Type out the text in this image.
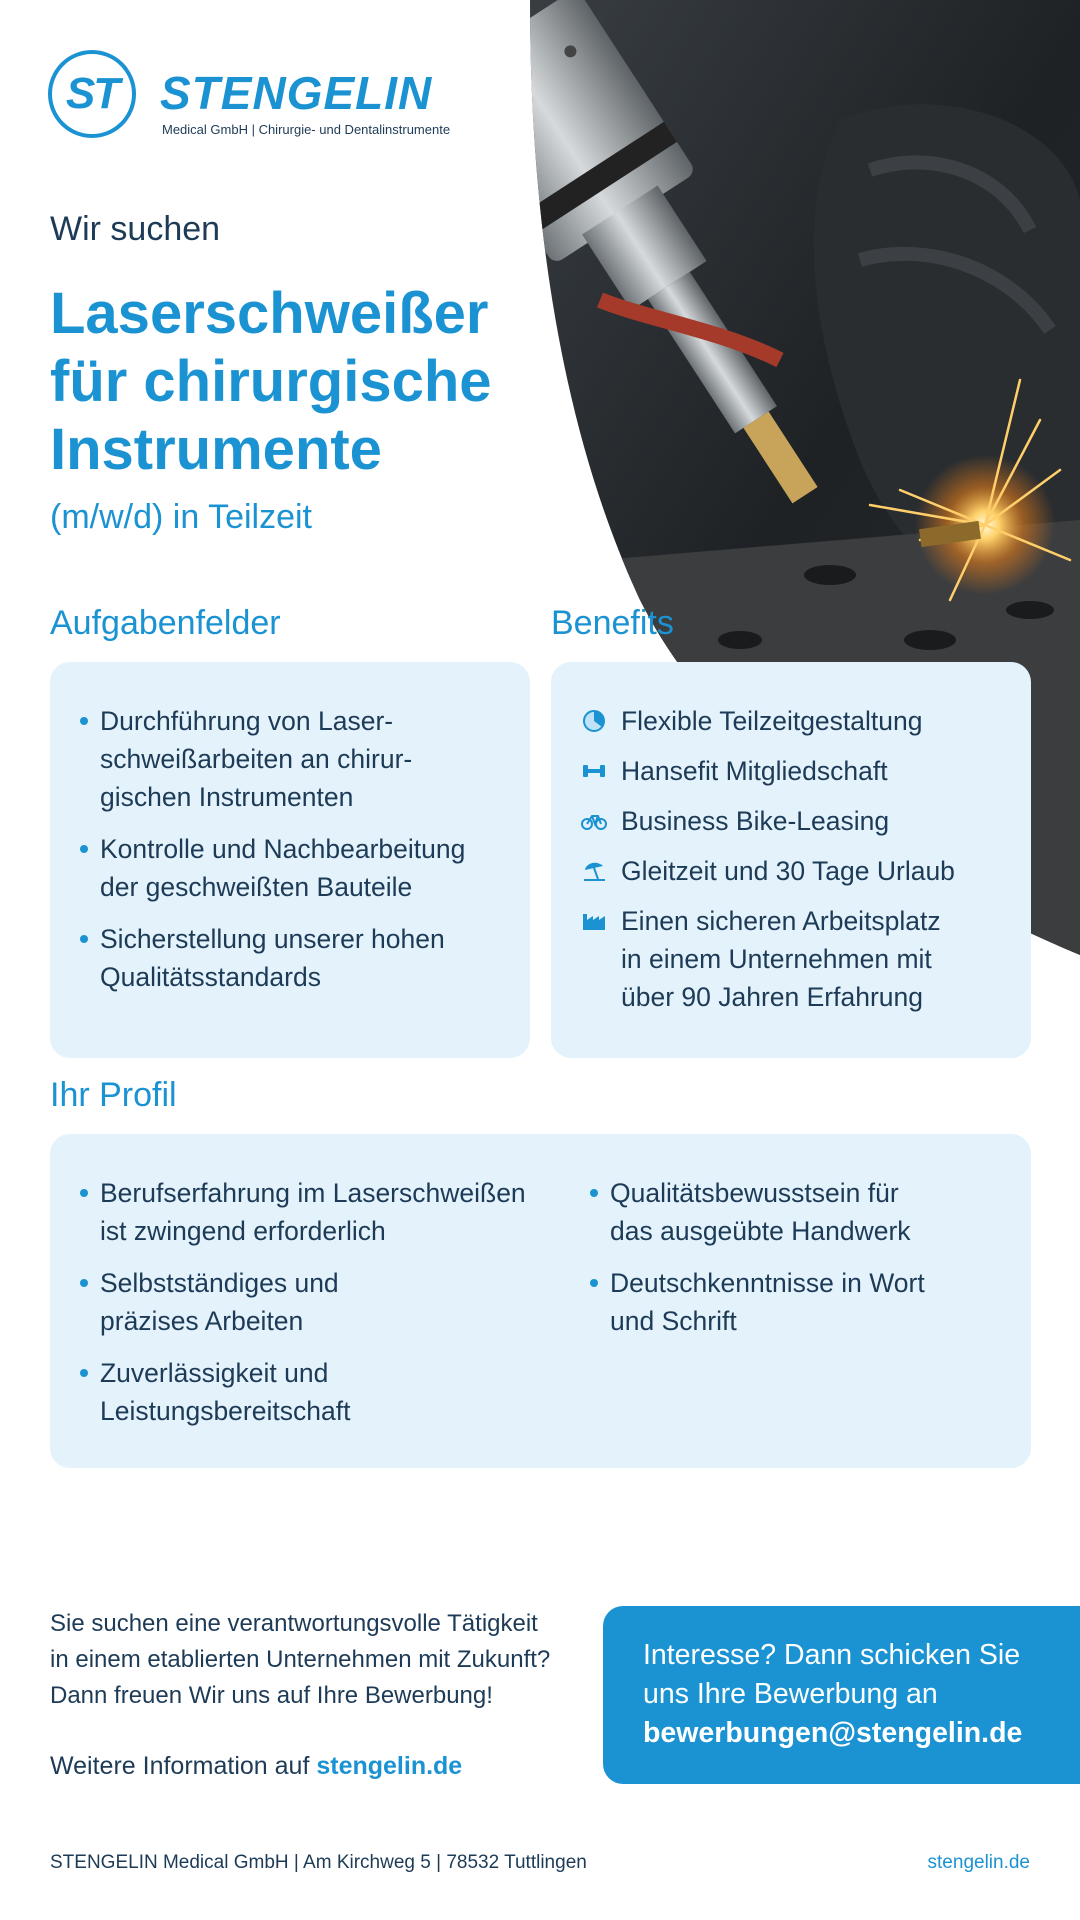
ST STENGELIN
Medical GmbH | Chirurgie- und Dentalinstrumente
Wir suchen
Laserschweißer
für chirurgische
Instrumente
(m/w/d) in Teilzeit
Aufgabenfelder
Durchführung von Laser-
schweißarbeiten an chirur-
gischen Instrumenten
Kontrolle und Nachbearbeitung
der geschweißten Bauteile
Sicherstellung unserer hohen
Qualitätsstandards
Benefits
Flexible Teilzeitgestaltung
Hansefit Mitgliedschaft
Business Bike-Leasing
Gleitzeit und 30 Tage Urlaub
Einen sicheren Arbeitsplatz
in einem Unternehmen mit
über 90 Jahren Erfahrung
Ihr Profil
Berufserfahrung im Laserschweißen
ist zwingend erforderlich
Selbstständiges und
präzises Arbeiten
Zuverlässigkeit und
Leistungsbereitschaft
Qualitätsbewusstsein für
das ausgeübte Handwerk
Deutschkenntnisse in Wort
und Schrift
Sie suchen eine verantwortungsvolle Tätigkeit
in einem etablierten Unternehmen mit Zukunft?
Dann freuen Wir uns auf Ihre Bewerbung!
Weitere Information auf stengelin.de
Interesse? Dann schicken Sie
uns Ihre Bewerbung an
bewerbungen@stengelin.de
STENGELIN Medical GmbH | Am Kirchweg 5 | 78532 Tuttlingen	stengelin.de
